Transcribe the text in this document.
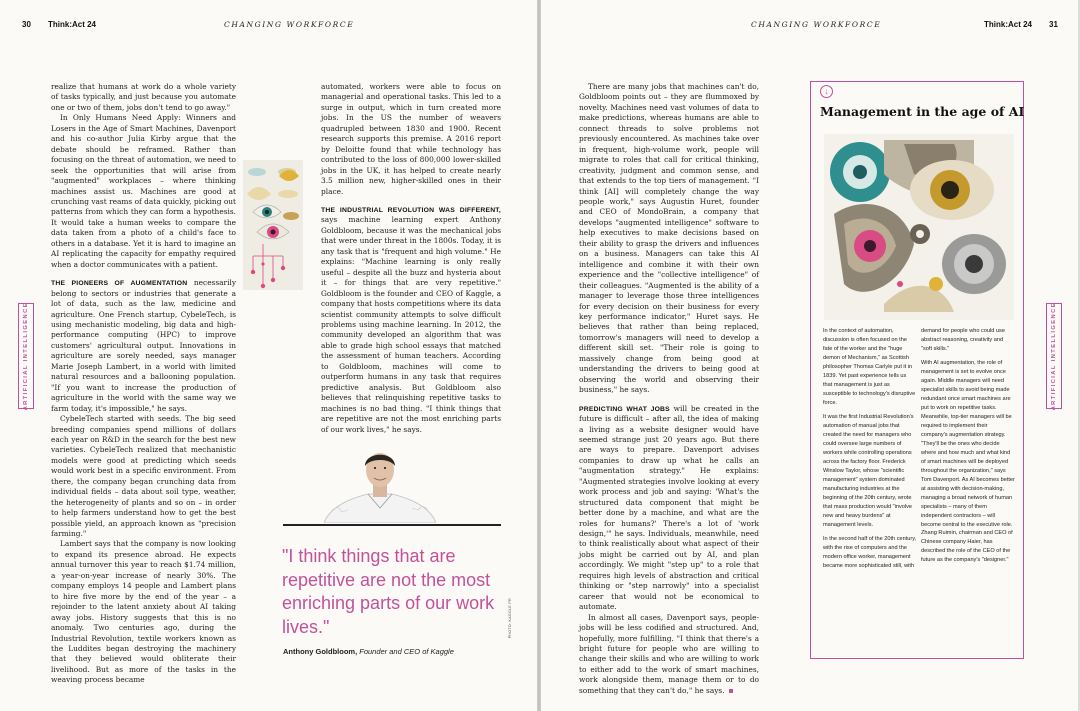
30 Think:Act 24	CHANGING WORKFORCE
ARTIFICIAL INTELLIGENCE

realize that humans at work do a whole variety of tasks typically, and just because you automate one or two of them, jobs don't tend to go away."

In Only Humans Need Apply: Winners and Losers in the Age of Smart Machines, Davenport and his co-author Julia Kirby argue that the debate should be reframed. Rather than focusing on the threat of automation, we need to seek the opportunities that will arise from "augmented" workplaces – where thinking machines assist us. Machines are good at crunching vast reams of data quickly, picking out patterns from which they can form a hypothesis. It would take a human weeks to compare the data taken from a photo of a child's face to others in a database. Yet it is hard to imagine an AI replicating the capacity for empathy required when a doctor communicates with a patient.

THE PIONEERS OF AUGMENTATION necessarily belong to sectors or industries that generate a lot of data, such as the law, medicine and agriculture. One French startup, CybeleTech, is using mechanistic modeling, big data and high-performance computing (HPC) to improve customers' agricultural output. Innovations in agriculture are sorely needed, says manager Marie Joseph Lambert, in a world with limited natural resources and a ballooning population. "If you want to increase the production of agriculture in the world with the same way we farm today, it's impossible," he says.

CybeleTech started with seeds. The big seed breeding companies spend millions of dollars each year on R&D in the search for the best new varieties. CybeleTech realized that mechanistic models were good at predicting which seeds would work best in a specific environment. From there, the company began crunching data from individual fields – data about soil type, weather, the heterogeneity of plants and so on – in order to help farmers understand how to get the best possible yield, an approach known as "precision farming."

Lambert says that the company is now looking to expand its presence abroad. He expects annual turnover this year to reach $1.74 million, a year-on-year increase of nearly 30%. The company employs 14 people and Lambert plans to hire five more by the end of the year – a rejoinder to the latent anxiety about AI taking away jobs. History suggests that this is no anomaly. Two centuries ago, during the Industrial Revolution, textile workers known as the Luddites began destroying the machinery that they believed would obliterate their livelihood. But as more of the tasks in the weaving process became

automated, workers were able to focus on managerial and operational tasks. This led to a surge in output, which in turn created more jobs. In the US the number of weavers quadrupled between 1830 and 1900. Recent research supports this premise. A 2016 report by Deloitte found that while technology has contributed to the loss of 800,000 lower-skilled jobs in the UK, it has helped to create nearly 3.5 million new, higher-skilled ones in their place.

THE INDUSTRIAL REVOLUTION WAS DIFFERENT, says machine learning expert Anthony Goldbloom, because it was the mechanical jobs that were under threat in the 1800s. Today, it is any task that is "frequent and high volume." He explains: "Machine learning is only really useful – despite all the buzz and hysteria about it – for things that are very repetitive." Goldbloom is the founder and CEO of Kaggle, a company that hosts competitions where its data scientist community attempts to solve difficult problems using machine learning. In 2012, the community developed an algorithm that was able to grade high school essays that matched the assessment of human teachers. According to Goldbloom, machines will come to outperform humans in any task that requires predictive analysis. But Goldbloom also believes that relinquishing repetitive tasks to machines is no bad thing. "I think things that are repetitive are not the most enriching parts of our work lives," he says.

"I think things that are repetitive are not the most enriching parts of our work lives."
Anthony Goldbloom, Founder and CEO of Kaggle
PHOTO: KAGGLE PR
CHANGING WORKFORCE	Think:Act 24 31
ARTIFICIAL INTELLIGENCE

There are many jobs that machines can't do, Goldbloom points out – they are flummoxed by novelty. Machines need vast volumes of data to make predictions, whereas humans are able to connect threads to solve problems not previously encountered. As machines take over in frequent, high-volume work, people will migrate to roles that call for critical thinking, creativity, judgment and common sense, and that extends to the top tiers of management. "I think [AI] will completely change the way people work," says Augustin Huret, founder and CEO of MondoBrain, a company that develops "augmented intelligence" software to help executives to make decisions based on their ability to grasp the drivers and influences on a business. Managers can take this AI intelligence and combine it with their own experience and the "collective intelligence" of their colleagues. "Augmented is the ability of a manager to leverage those three intelligences for every decision on their business for every key performance indicator," Huret says. He believes that rather than being replaced, tomorrow's managers will need to develop a different skill set. "Their role is going to massively change from being good at understanding the drivers to being good at observing the world and observing their business," he says.

PREDICTING WHAT JOBS will be created in the future is difficult – after all, the idea of making a living as a website designer would have seemed strange just 20 years ago. But there are ways to prepare. Davenport advises companies to draw up what he calls an "augmentation strategy." He explains: "Augmented strategies involve looking at every work process and job and saying: 'What's the structured data component that might be better done by a machine, and what are the roles for humans?' There's a lot of 'work design,'" he says. Individuals, meanwhile, need to think realistically about what aspect of their jobs might be carried out by AI, and plan accordingly. We might "step up" to a role that requires high levels of abstraction and critical thinking or "step narrowly" into a specialist career that would not be economical to automate.

In almost all cases, Davenport says, people-jobs will be less codified and structured. And, hopefully, more fulfilling. "I think that there's a bright future for people who are willing to change their skills and who are willing to work to either add to the work of smart machines, work alongside them, manage them or to do something that they can't do," he says.

↓
Management in the age of AI

In the context of automation, discussion is often focused on the fate of the worker and the "huge demon of Mechanism," as Scottish philosopher Thomas Carlyle put it in 1839. Yet past experience tells us that management is just as susceptible to technology's disruptive force.

It was the first Industrial Revolution's automation of manual jobs that created the need for managers who could oversee large numbers of workers while controlling operations across the factory floor. Frederick Winslow Taylor, whose "scientific management" system dominated manufacturing industries at the beginning of the 20th century, wrote that mass production would "involve new and heavy burdens" at management levels.

In the second half of the 20th century, with the rise of computers and the modern office worker, management became more sophisticated still, with

demand for people who could use abstract reasoning, creativity and "soft skills."

With AI augmentation, the role of management is set to evolve once again. Middle managers will need specialist skills to avoid being made redundant once smart machines are put to work on repetitive tasks. Meanwhile, top-tier managers will be required to implement their company's augmentation strategy. "They'll be the ones who decide where and how much and what kind of smart machines will be deployed throughout the organization," says Tom Davenport. As AI becomes better at assisting with decision-making, managing a broad network of human specialists – many of them independent contractors – will become central to the executive role. Zhang Ruimin, chairman and CEO of Chinese company Haier, has described the role of the CEO of the future as the company's "designer."
